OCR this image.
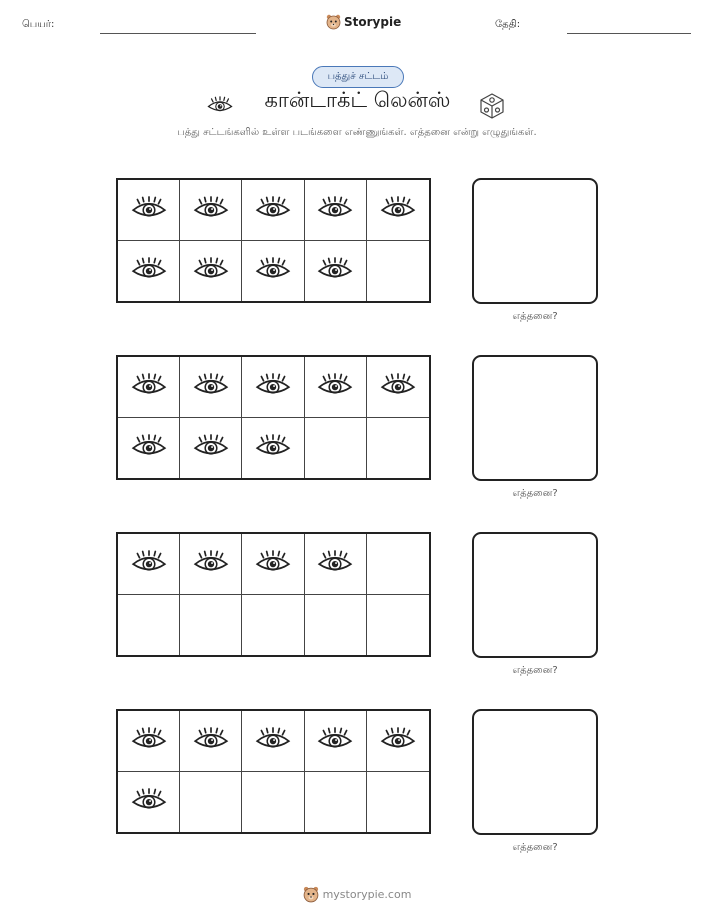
பெயர்:	Storypie	தேதி:
பத்துச் சட்டம்
கான்டாக்ட் லென்ஸ்
பத்து சட்டங்களில் உள்ள படங்களை எண்ணுங்கள். எத்தனை என்று எழுதுங்கள்.
எத்தனை?
எத்தனை?
எத்தனை?
எத்தனை?
mystorypie.com
